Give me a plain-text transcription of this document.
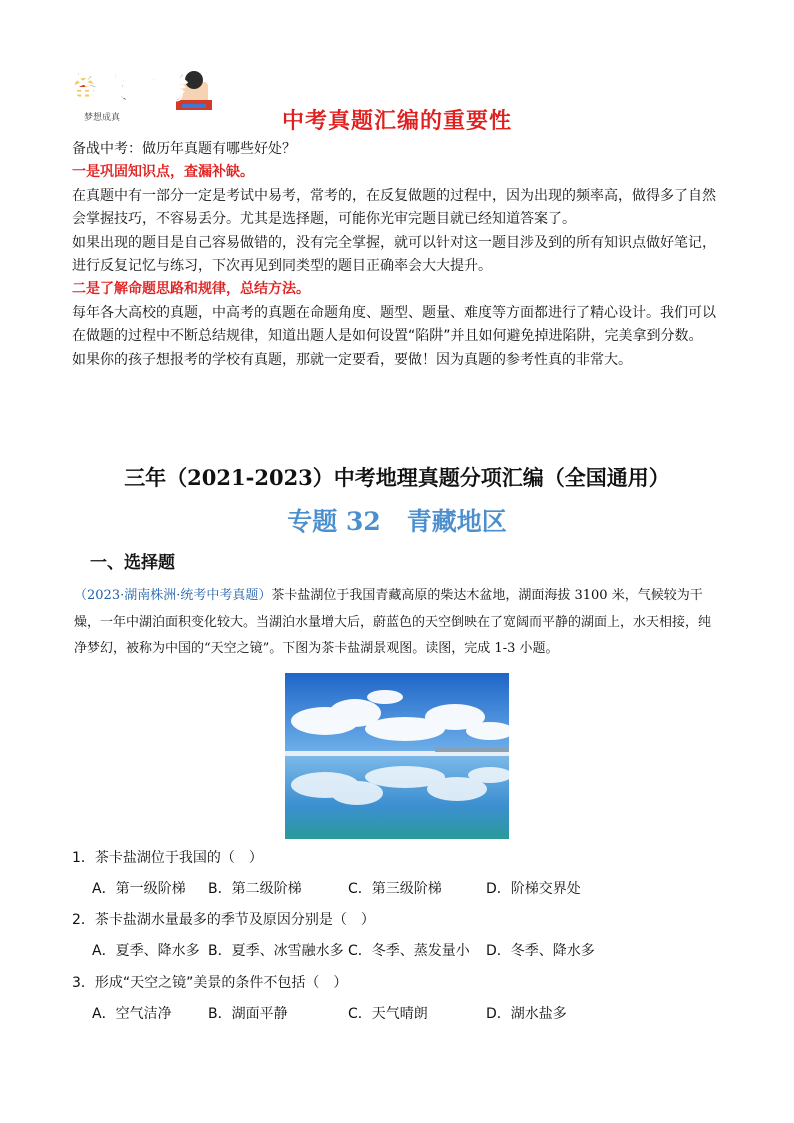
备战中考
梦想成真	中考真题汇编的重要性

备战中考：做历年真题有哪些好处？

一是巩固知识点，查漏补缺。

在真题中有一部分一定是考试中易考，常考的，在反复做题的过程中，因为出现的频率高，做得多了自然会掌握技巧，不容易丢分。尤其是选择题，可能你光审完题目就已经知道答案了。

如果出现的题目是自己容易做错的，没有完全掌握，就可以针对这一题目涉及到的所有知识点做好笔记，进行反复记忆与练习，下次再见到同类型的题目正确率会大大提升。

二是了解命题思路和规律，总结方法。

每年各大高校的真题，中高考的真题在命题角度、题型、题量、难度等方面都进行了精心设计。我们可以在做题的过程中不断总结规律，知道出题人是如何设置“陷阱”并且如何避免掉进陷阱，完美拿到分数。

如果你的孩子想报考的学校有真题，那就一定要看，要做！因为真题的参考性真的非常大。

三年（2021-2023）中考地理真题分项汇编（全国通用）
专题 32 青藏地区
一、选择题
（2023·湖南株洲·统考中考真题）茶卡盐湖位于我国青藏高原的柴达木盆地，湖面海拔 3100 米，气候较为干燥，一年中湖泊面积变化较大。当湖泊水量增大后，蔚蓝色的天空倒映在了宽阔而平静的湖面上，水天相接，纯净梦幻，被称为中国的“天空之镜”。下图为茶卡盐湖景观图。读图，完成 1-3 小题。
1．茶卡盐湖位于我国的（　）
A．第一级阶梯 B．第二级阶梯	C．第三级阶梯	D．阶梯交界处
2．茶卡盐湖水量最多的季节及原因分别是（　）
A．夏季、降水多 B．夏季、冰雪融水多 C．冬季、蒸发量小 D．冬季、降水多
3．形成“天空之镜”美景的条件不包括（　）
A．空气洁净	B．湖面平静	C．天气晴朗	D．湖水盐多
